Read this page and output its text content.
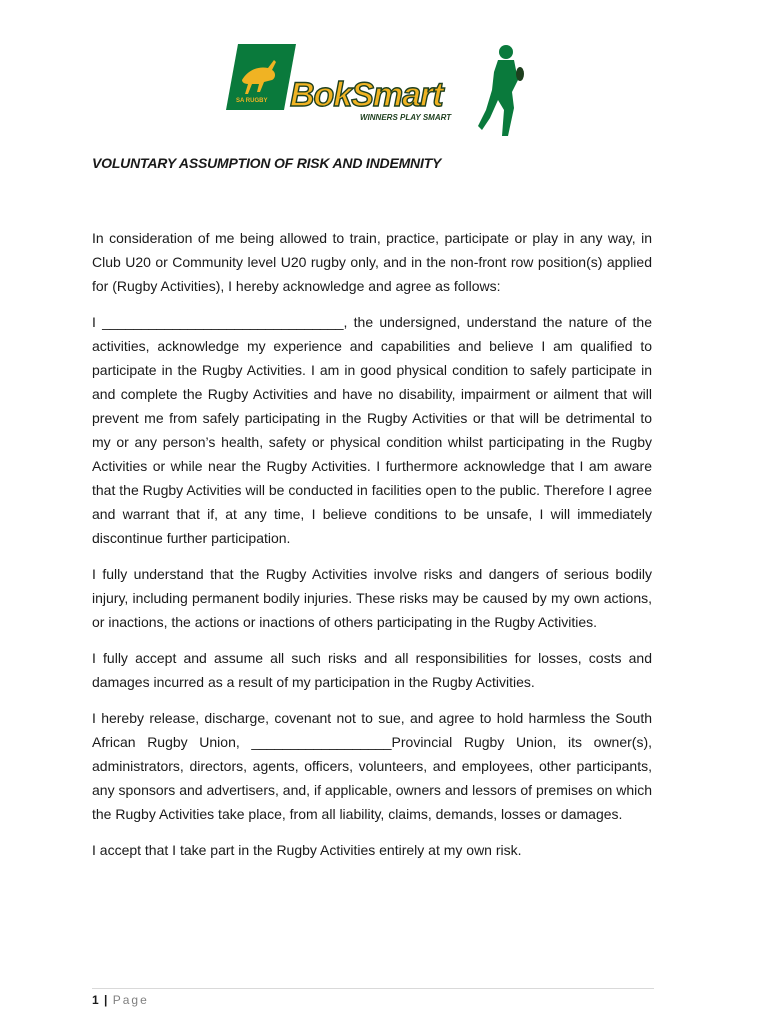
SA RUGBY BokSmart
WINNERS PLAY SMART
VOLUNTARY ASSUMPTION OF RISK AND INDEMNITY

In consideration of me being allowed to train, practice, participate or play in any way, in Club U20 or Community level U20 rugby only, and in the non-front row position(s) applied for (Rugby Activities), I hereby acknowledge and agree as follows:

I _______________________________, the undersigned, understand the nature of the activities, acknowledge my experience and capabilities and believe I am qualified to participate in the Rugby Activities. I am in good physical condition to safely participate in and complete the Rugby Activities and have no disability, impairment or ailment that will prevent me from safely participating in the Rugby Activities or that will be detrimental to my or any person’s health, safety or physical condition whilst participating in the Rugby Activities or while near the Rugby Activities. I furthermore acknowledge that I am aware that the Rugby Activities will be conducted in facilities open to the public. Therefore I agree and warrant that if, at any time, I believe conditions to be unsafe, I will immediately discontinue further participation.

I fully understand that the Rugby Activities involve risks and dangers of serious bodily injury, including permanent bodily injuries. These risks may be caused by my own actions, or inactions, the actions or inactions of others participating in the Rugby Activities.

I fully accept and assume all such risks and all responsibilities for losses, costs and damages incurred as a result of my participation in the Rugby Activities.

I hereby release, discharge, covenant not to sue, and agree to hold harmless the South African Rugby Union, __________________Provincial Rugby Union, its owner(s), administrators, directors, agents, officers, volunteers, and employees, other participants, any sponsors and advertisers, and, if applicable, owners and lessors of premises on which the Rugby Activities take place, from all liability, claims, demands, losses or damages.

I accept that I take part in the Rugby Activities entirely at my own risk.

1 | Page
